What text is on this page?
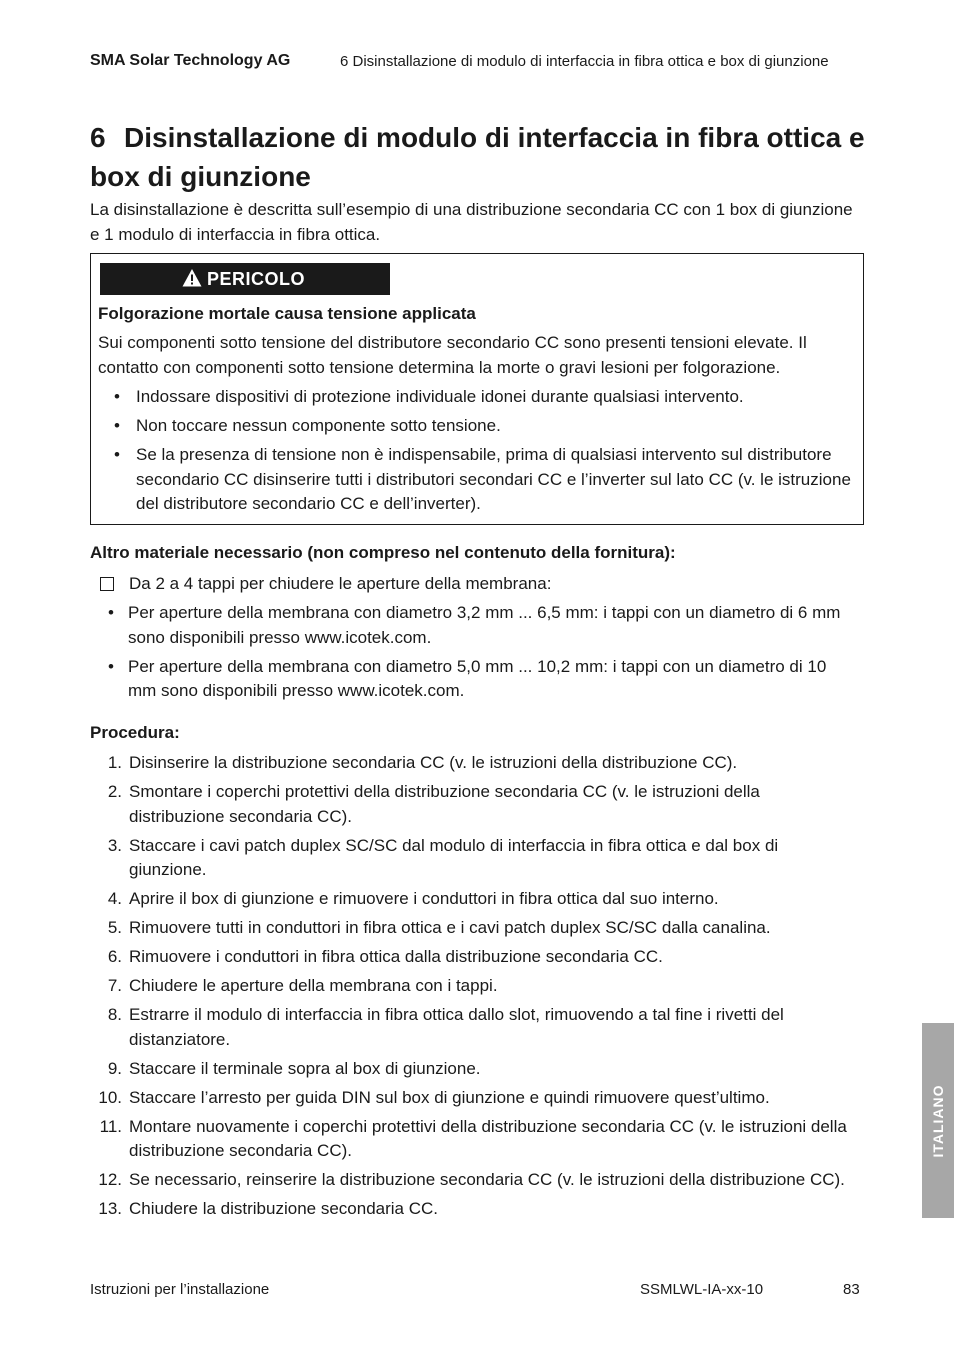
SMA Solar Technology AG	6 Disinstallazione di modulo di interfaccia in fibra ottica e box di giunzione
6 Disinstallazione di modulo di interfaccia in fibra ottica e box di giunzione
La disinstallazione è descritta sull’esempio di una distribuzione secondaria CC con 1 box di giunzione e 1 modulo di interfaccia in fibra ottica.
PERICOLO
Folgorazione mortale causa tensione applicata
Sui componenti sotto tensione del distributore secondario CC sono presenti tensioni elevate. Il contatto con componenti sotto tensione determina la morte o gravi lesioni per folgorazione.
• Indossare dispositivi di protezione individuale idonei durante qualsiasi intervento.
• Non toccare nessun componente sotto tensione.
• Se la presenza di tensione non è indispensabile, prima di qualsiasi intervento sul distributore secondario CC disinserire tutti i distributori secondari CC e l’inverter sul lato CC (v. le istruzione del distributore secondario CC e dell’inverter).
Altro materiale necessario (non compreso nel contenuto della fornitura):
Da 2 a 4 tappi per chiudere le aperture della membrana:
• Per aperture della membrana con diametro 3,2 mm ... 6,5 mm: i tappi con un diametro di 6 mm sono disponibili presso www.icotek.com.
• Per aperture della membrana con diametro 5,0 mm ... 10,2 mm: i tappi con un diametro di 10 mm sono disponibili presso www.icotek.com.
Procedura:
1. Disinserire la distribuzione secondaria CC (v. le istruzioni della distribuzione CC).
2. Smontare i coperchi protettivi della distribuzione secondaria CC (v. le istruzioni della distribuzione secondaria CC).
3. Staccare i cavi patch duplex SC/SC dal modulo di interfaccia in fibra ottica e dal box di giunzione.
4. Aprire il box di giunzione e rimuovere i conduttori in fibra ottica dal suo interno.
5. Rimuovere tutti in conduttori in fibra ottica e i cavi patch duplex SC/SC dalla canalina.
6. Rimuovere i conduttori in fibra ottica dalla distribuzione secondaria CC.
7. Chiudere le aperture della membrana con i tappi.
8. Estrarre il modulo di interfaccia in fibra ottica dallo slot, rimuovendo a tal fine i rivetti del distanziatore.
9. Staccare il terminale sopra al box di giunzione.
10. Staccare l’arresto per guida DIN sul box di giunzione e quindi rimuovere quest’ultimo.
11. Montare nuovamente i coperchi protettivi della distribuzione secondaria CC (v. le istruzioni della distribuzione secondaria CC).
12. Se necessario, reinserire la distribuzione secondaria CC (v. le istruzioni della distribuzione CC).
13. Chiudere la distribuzione secondaria CC.
Istruzioni per l’installazione	SSMLWL-IA-xx-10	83
ITALIANO
